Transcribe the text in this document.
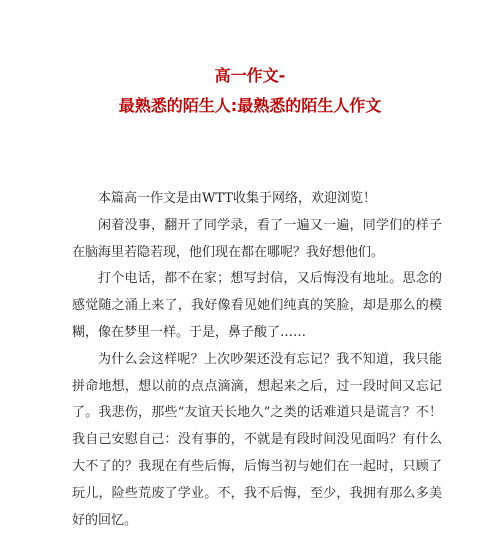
高一作文-
最熟悉的陌生人:最熟悉的陌生人作文

本篇高一作文是由WTT收集于网络，欢迎浏览！

闲着没事，翻开了同学录，看了一遍又一遍，同学们的样子在脑海里若隐若现，他们现在都在哪呢？我好想他们。

打个电话，都不在家；想写封信，又后悔没有地址。思念的感觉随之涌上来了，我好像看见她们纯真的笑脸，却是那么的模糊，像在梦里一样。于是，鼻子酸了……

为什么会这样呢？上次吵架还没有忘记？我不知道，我只能拼命地想，想以前的点点滴滴，想起来之后，过一段时间又忘记了。我悲伤，那些“友谊天长地久”之类的话难道只是谎言？不！我自己安慰自己：没有事的，不就是有段时间没见面吗？有什么大不了的？我现在有些后悔，后悔当初与她们在一起时，只顾了玩儿，险些荒废了学业。不，我不后悔，至少，我拥有那么多美好的回忆。
